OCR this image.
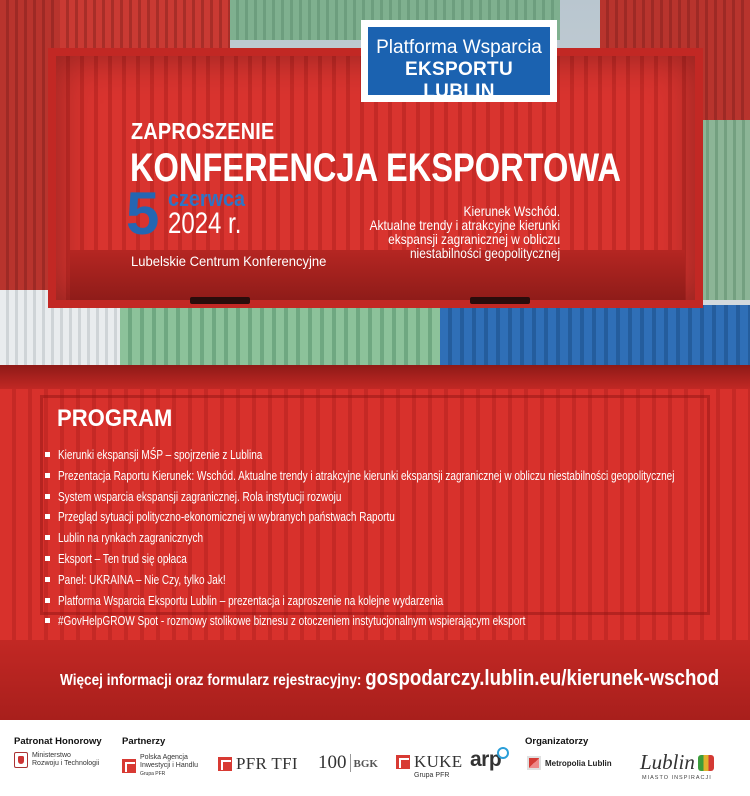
Platforma Wsparcia
EKSPORTU LUBLIN
ZAPROSZENIE
KONFERENCJA EKSPORTOWA
5 czerwca
2024 r.
Lubelskie Centrum Konferencyjne
Kierunek Wschód.
Aktualne trendy i atrakcyjne kierunki
ekspansji zagranicznej w obliczu
niestabilności geopolitycznej
PROGRAM
Kierunki ekspansji MŚP – spojrzenie z Lublina
Prezentacja Raportu Kierunek: Wschód. Aktualne trendy i atrakcyjne kierunki ekspansji zagranicznej w obliczu niestabilności geopolitycznej
System wsparcia ekspansji zagranicznej. Rola instytucji rozwoju
Przegląd sytuacji polityczno-ekonomicznej w wybranych państwach Raportu
Lublin na rynkach zagranicznych
Eksport – Ten trud się opłaca
Panel: UKRAINA – Nie Czy, tylko Jak!
Platforma Wsparcia Eksportu Lublin – prezentacja i zaproszenie na kolejne wydarzenia
#GovHelpGROW Spot - rozmowy stolikowe biznesu z otoczeniem instytucjonalnym wspierającym eksport
Więcej informacji oraz formularz rejestracyjny: gospodarczy.lublin.eu/kierunek-wschod
Patronat Honorowy Partnerzy	Organizatorzy
Ministerstwo
Rozwoju i Technologii
Polska Agencja
Inwestycji i Handlu
Grupa PFR
PFR TFI 100 BGK KUKE
Grupa PFR
arp	Metropolia Lublin Lublin
MIASTO INSPIRACJI
